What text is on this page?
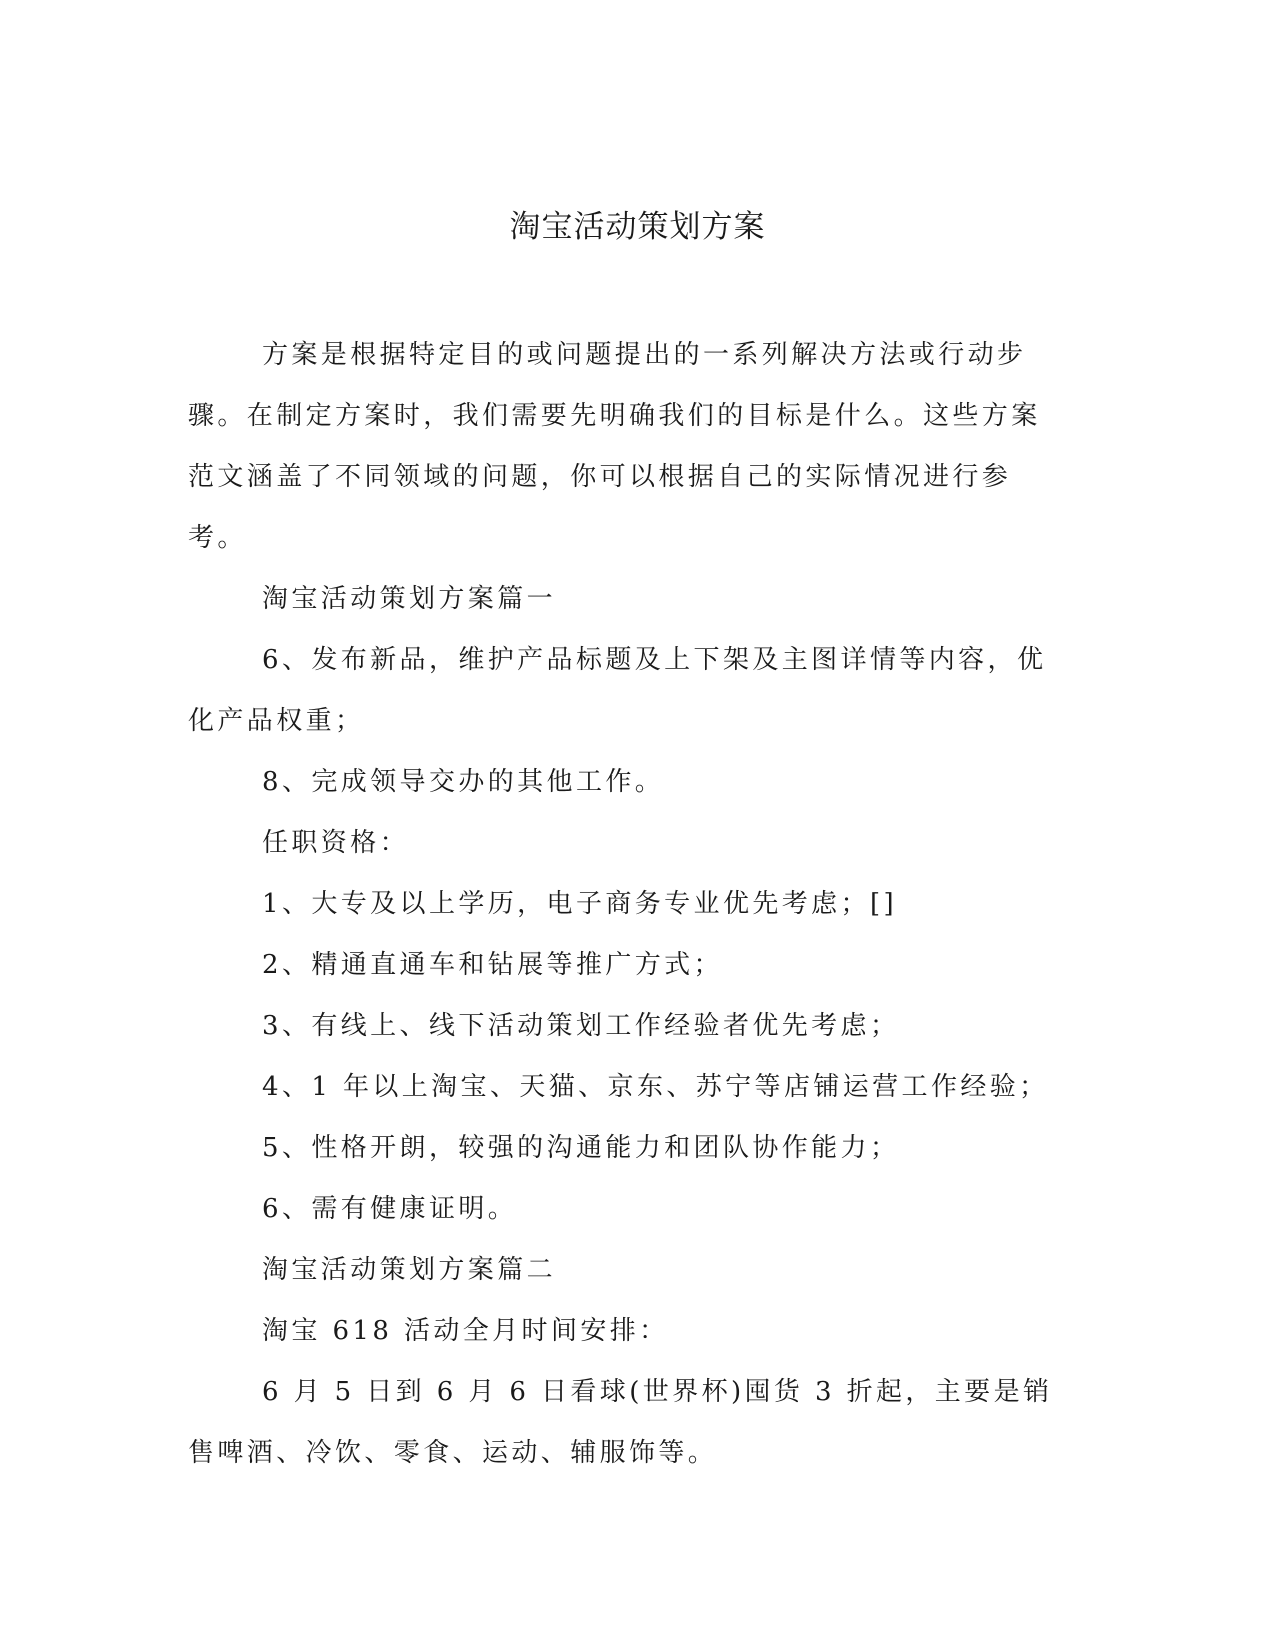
淘宝活动策划方案

方案是根据特定目的或问题提出的一系列解决方法或行动步骤。在制定方案时，我们需要先明确我们的目标是什么。这些方案范文涵盖了不同领域的问题，你可以根据自己的实际情况进行参考。

淘宝活动策划方案篇一

6、发布新品，维护产品标题及上下架及主图详情等内容，优化产品权重；

8、完成领导交办的其他工作。

任职资格：

1、大专及以上学历，电子商务专业优先考虑；[]

2、精通直通车和钻展等推广方式；

3、有线上、线下活动策划工作经验者优先考虑；

4、1 年以上淘宝、天猫、京东、苏宁等店铺运营工作经验；

5、性格开朗，较强的沟通能力和团队协作能力；

6、需有健康证明。

淘宝活动策划方案篇二

淘宝 618 活动全月时间安排：

6 月 5 日到 6 月 6 日看球(世界杯)囤货 3 折起，主要是销售啤酒、冷饮、零食、运动、辅服饰等。
